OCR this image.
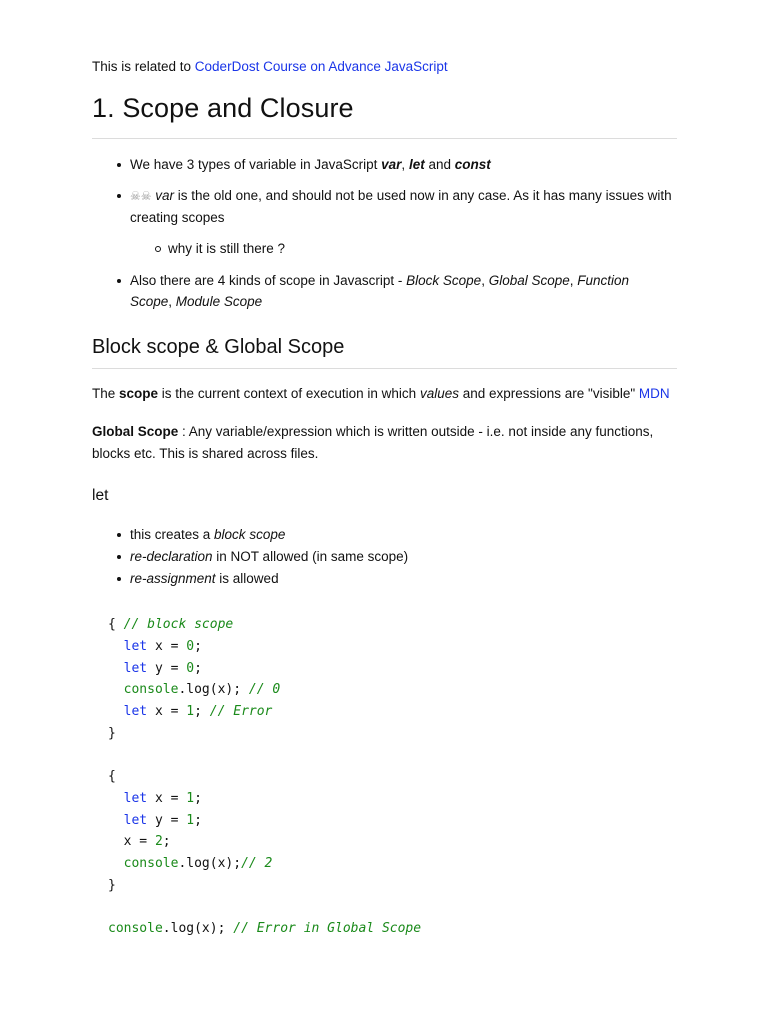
This is related to CoderDost Course on Advance JavaScript
1. Scope and Closure
We have 3 types of variable in JavaScript var, let and const
☠☠ var is the old one, and should not be used now in any case. As it has many issues with creating scopes
why it is still there ?
Also there are 4 kinds of scope in Javascript - Block Scope, Global Scope, Function Scope, Module Scope
Block scope & Global Scope
The scope is the current context of execution in which values and expressions are "visible" MDN
Global Scope : Any variable/expression which is written outside - i.e. not inside any functions, blocks etc. This is shared across files.
let
this creates a block scope
re-declaration in NOT allowed (in same scope)
re-assignment is allowed
{ // block scope
let x = 0;
let y = 0;
console.log(x); // 0
let x = 1; // Error
}
{
let x = 1;
let y = 1;
x = 2;
console.log(x);// 2
}
console.log(x); // Error in Global Scope
